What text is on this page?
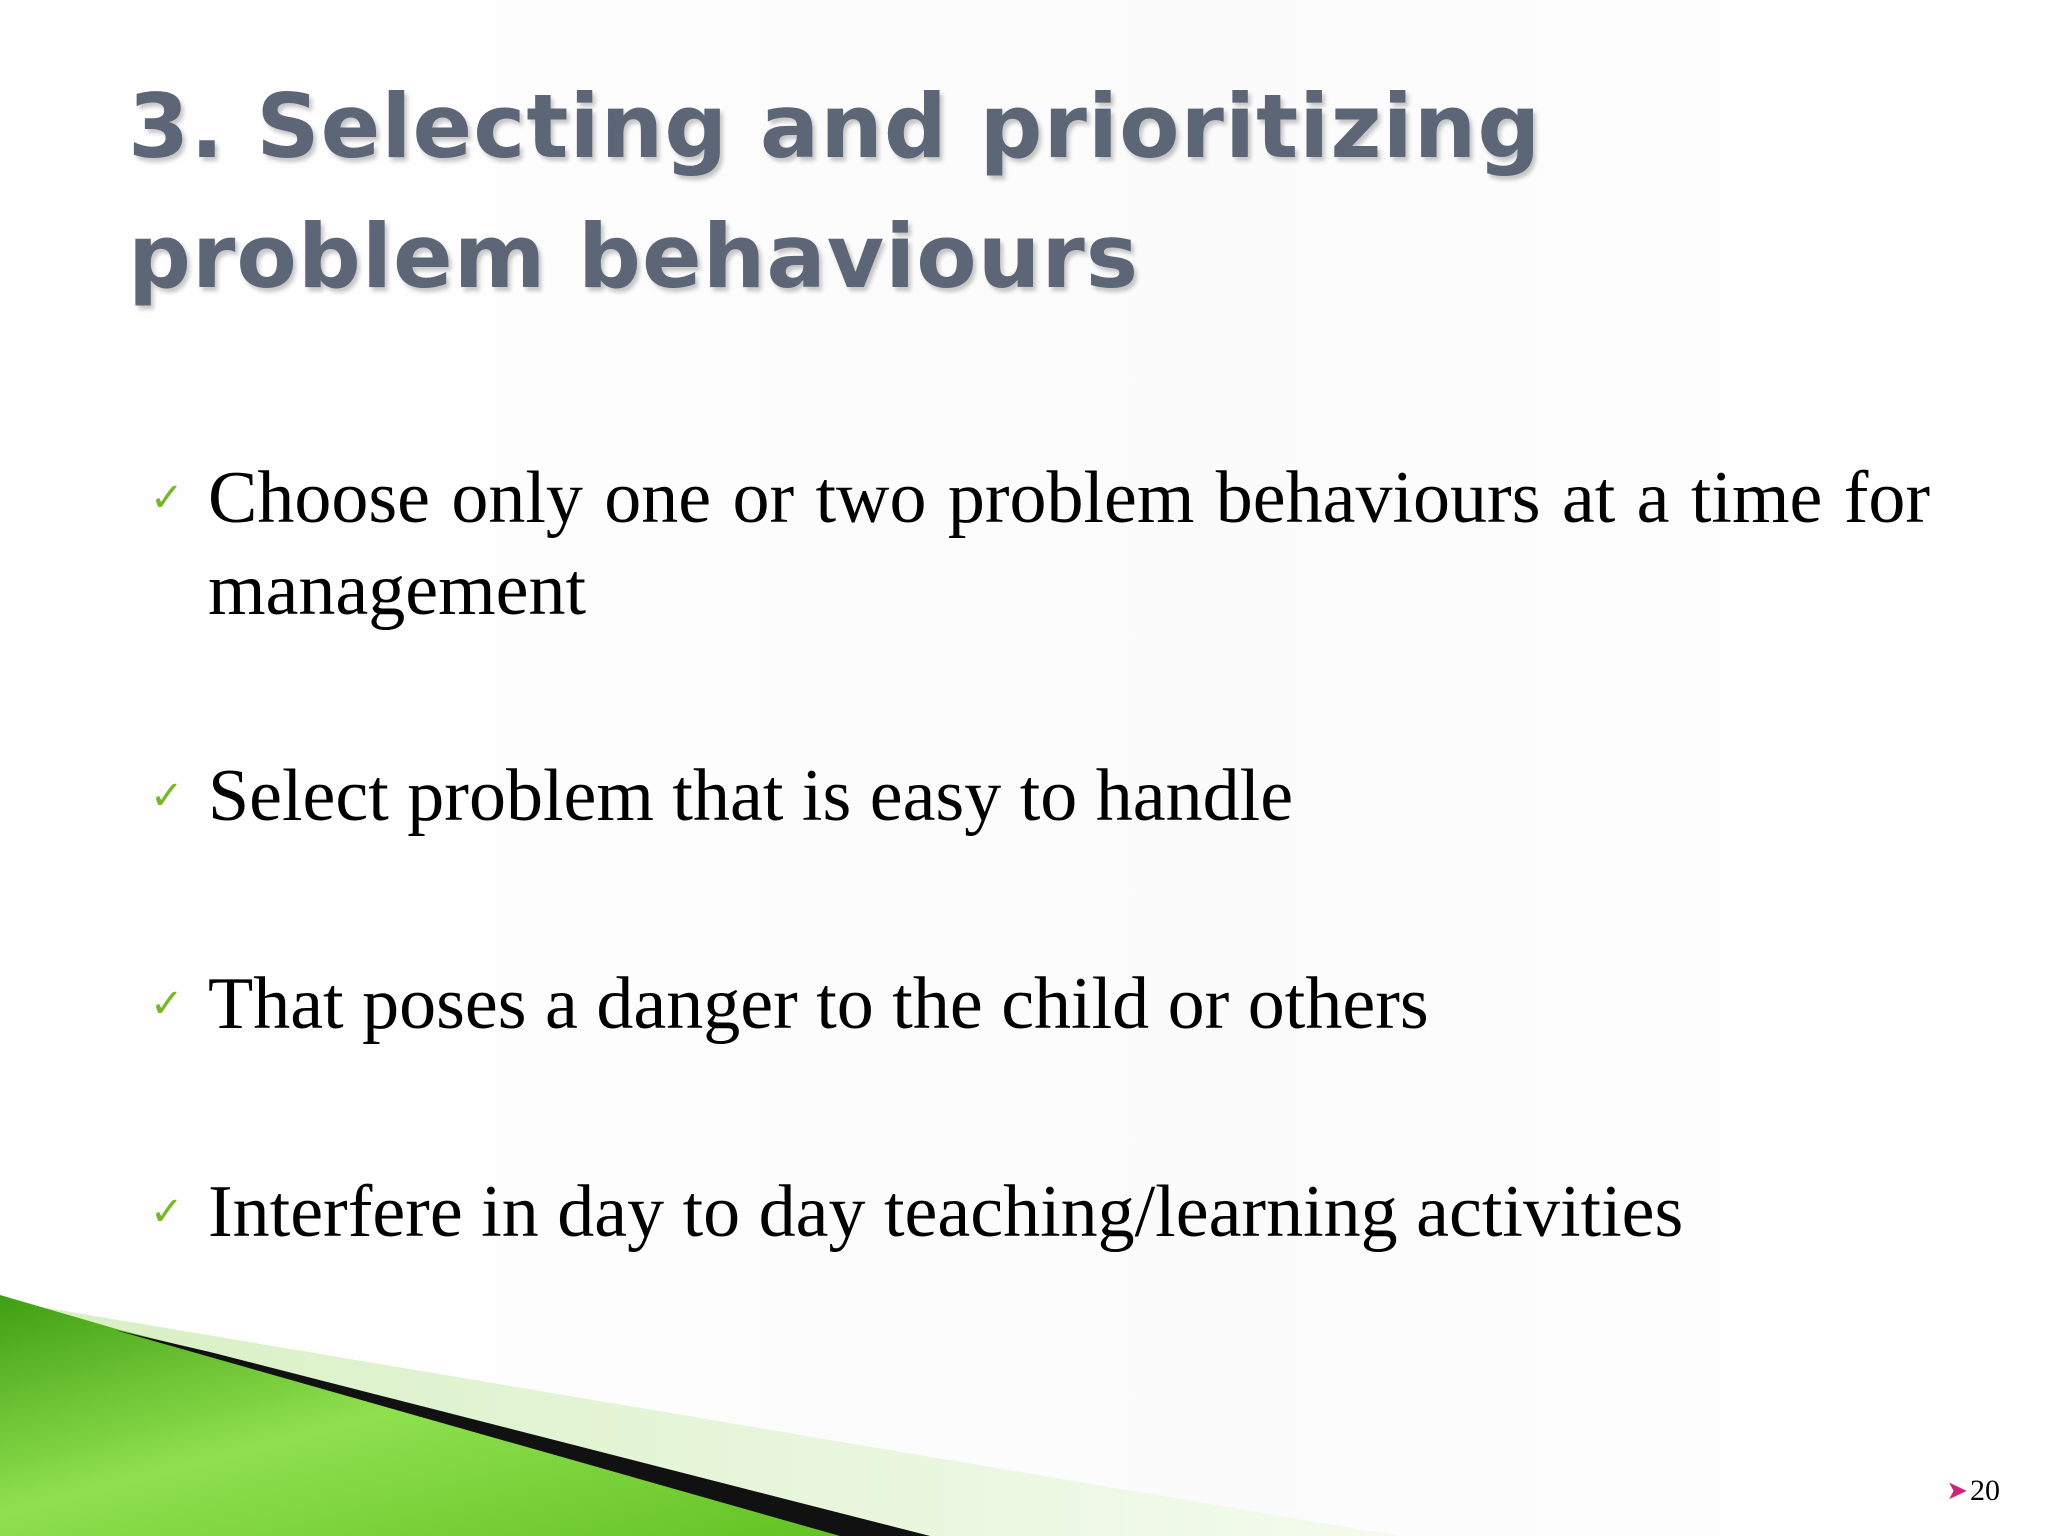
3. Selecting and prioritizing problem behaviours
✓ Choose only one or two problem behaviours at a time for management
✓ Select problem that is easy to handle
✓ That poses a danger to the child or others
✓ Interfere in day to day teaching/learning activities
➤ 20
